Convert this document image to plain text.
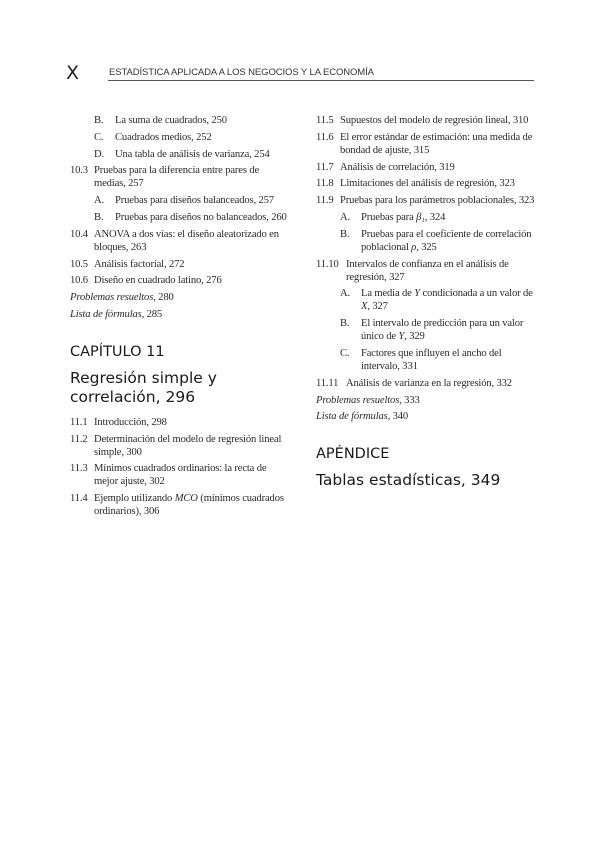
X	ESTADÍSTICA APLICADA A LOS NEGOCIOS Y LA ECONOMÍA
B. La suma de cuadrados, 250
C. Cuadrados medios, 252
D. Una tabla de análisis de varianza, 254
10.3 Pruebas para la diferencia entre pares de medias, 257
A. Pruebas para diseños balanceados, 257
B. Pruebas para diseños no balanceados, 260
10.4 ANOVA a dos vías: el diseño aleatorizado en bloques, 263
10.5 Análisis factorial, 272
10.6 Diseño en cuadrado latino, 276
Problemas resueltos, 280
Lista de fórmulas, 285
CAPÍTULO 11
Regresión simple y correlación, 296
11.1 Introducción, 298
11.2 Determinación del modelo de regresión lineal simple, 300
11.3 Mínimos cuadrados ordinarios: la recta de mejor ajuste, 302
11.4 Ejemplo utilizando MCO (mínimos cuadrados ordinarios), 306
11.5 Supuestos del modelo de regresión lineal, 310
11.6 El error estándar de estimación: una medida de bondad de ajuste, 315
11.7 Análisis de correlación, 319
11.8 Limitaciones del análisis de regresión, 323
11.9 Pruebas para los parámetros poblacionales, 323
A. Pruebas para β₁, 324
B. Pruebas para el coeficiente de correlación poblacional ρ, 325
11.10 Intervalos de confianza en el análisis de regresión, 327
A. La media de Y condicionada a un valor de X, 327
B. El intervalo de predicción para un valor único de Y, 329
C. Factores que influyen el ancho del intervalo, 331
11.11 Análisis de varianza en la regresión, 332
Problemas resueltos, 333
Lista de fórmulas, 340
APÉNDICE
Tablas estadísticas, 349
